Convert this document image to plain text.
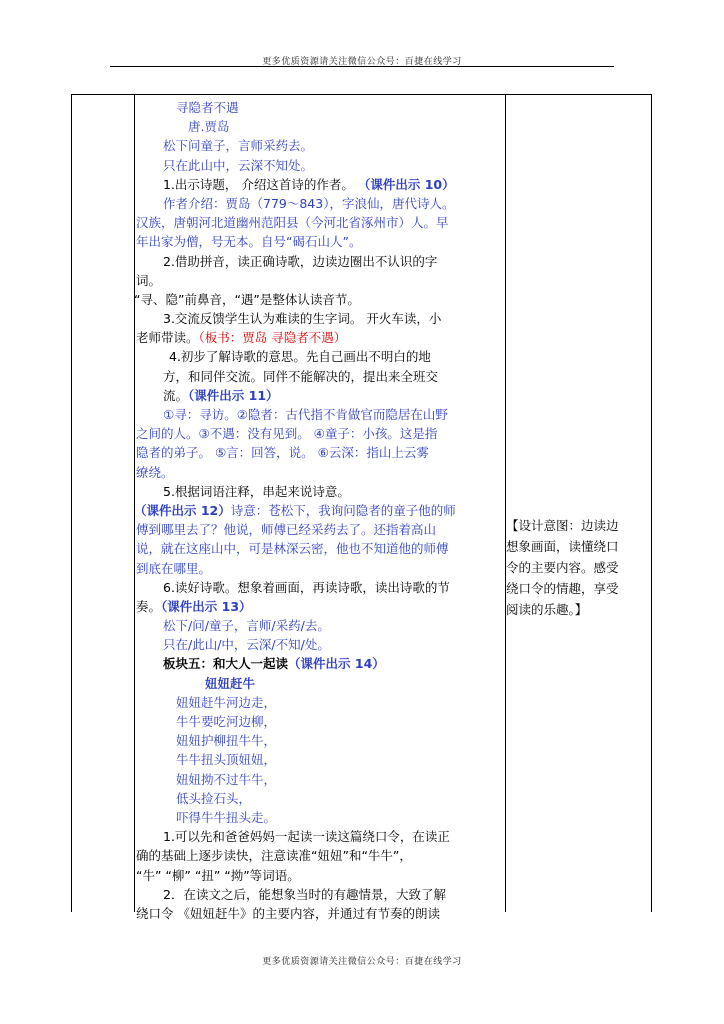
更多优质资源请关注微信公众号：百捷在线学习
寻隐者不遇
唐.贾岛
松下问童子，言师采药去。
只在此山中，云深不知处。
1.出示诗题， 介绍这首诗的作者。 （课件出示 10）
作者介绍：贾岛（779～843），字浪仙，唐代诗人。
汉族，唐朝河北道幽州范阳县（今河北省涿州市）人。早
年出家为僧，号无本。自号“碣石山人”。
2.借助拼音，读正确诗歌，边读边圈出不认识的字
词。
“寻、隐”前鼻音，“遇”是整体认读音节。
3.交流反馈学生认为难读的生字词。 开火车读，小
老师带读。（板书：贾岛 寻隐者不遇）
4.初步了解诗歌的意思。先自己画出不明白的地
方，和同伴交流。同伴不能解决的，提出来全班交
流。（课件出示 11）
①寻：寻访。②隐者：古代指不肯做官而隐居在山野
之间的人。③不遇：没有见到。 ④童子：小孩。这是指
隐者的弟子。 ⑤言：回答，说。 ⑥云深：指山上云雾
缭绕。
5.根据词语注释，串起来说诗意。
（课件出示 12）诗意：苍松下，我询问隐者的童子他的师
傅到哪里去了？他说，师傅已经采药去了。还指着高山
说，就在这座山中，可是林深云密，他也不知道他的师傅
到底在哪里。
6.读好诗歌。想象着画面，再读诗歌，读出诗歌的节
奏。（课件出示 13）
松下/问/童子，言师/采药/去。
只在/此山/中，云深/不知/处。
板块五：和大人一起读（课件出示 14）
妞妞赶牛
妞妞赶牛河边走，
牛牛要吃河边柳，
妞妞护柳扭牛牛，
牛牛扭头顶妞妞，
妞妞拗不过牛牛，
低头捡石头，
吓得牛牛扭头走。
1.可以先和爸爸妈妈一起读一读这篇绕口令，在读正
确的基础上逐步读快，注意读准“妞妞”和“牛牛”，
“牛” “柳” “扭” “拗”等词语。
2．在读文之后，能想象当时的有趣情景，大致了解
绕口令 《妞妞赶牛》的主要内容，并通过有节奏的朗读
【设计意图：边读边
想象画面，读懂绕口
令的主要内容。感受
绕口令的情趣，享受
阅读的乐趣。】
更多优质资源请关注微信公众号：百捷在线学习
